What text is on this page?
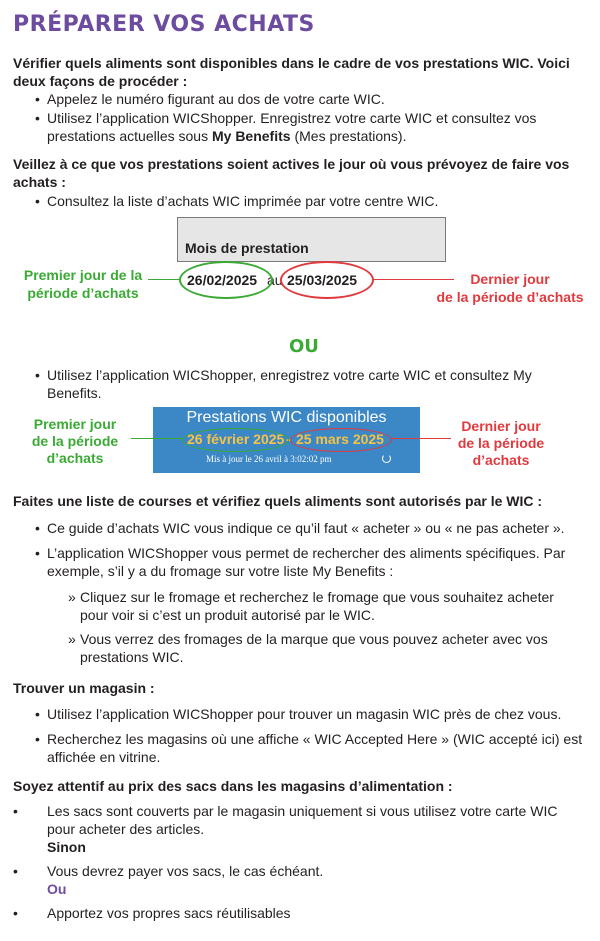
PRÉPARER VOS ACHATS
Vérifier quels aliments sont disponibles dans le cadre de vos prestations WIC. Voici
deux façons de procéder :
• Appelez le numéro figurant au dos de votre carte WIC.
• Utilisez l’application WICShopper. Enregistrez votre carte WIC et consultez vos
prestations actuelles sous My Benefits (Mes prestations).
Veillez à ce que vos prestations soient actives le jour où vous prévoyez de faire vos
achats :
• Consultez la liste d’achats WIC imprimée par votre centre WIC.
Mois de prestation
26/02/2025 au 25/03/2025
Premier jour de la
période d’achats
Dernier jour
de la période d’achats
OU
• Utilisez l’application WICShopper, enregistrez votre carte WIC et consultez My
Benefits.
Prestations WIC disponibles
26 février 2025 - 25 mars 2025
Mis à jour le 26 avril à 3:02:02 pm
Premier jour
de la période
d’achats
Dernier jour
de la période
d’achats
Faites une liste de courses et vérifiez quels aliments sont autorisés par le WIC :
• Ce guide d’achats WIC vous indique ce qu’il faut « acheter » ou « ne pas acheter ».
• L’application WICShopper vous permet de rechercher des aliments spécifiques. Par
exemple, s’il y a du fromage sur votre liste My Benefits :
» Cliquez sur le fromage et recherchez le fromage que vous souhaitez acheter
pour voir si c’est un produit autorisé par le WIC.
» Vous verrez des fromages de la marque que vous pouvez acheter avec vos
prestations WIC.
Trouver un magasin :
• Utilisez l’application WICShopper pour trouver un magasin WIC près de chez vous.
• Recherchez les magasins où une affiche « WIC Accepted Here » (WIC accepté ici) est
affichée en vitrine.
Soyez attentif au prix des sacs dans les magasins d’alimentation :
• Les sacs sont couverts par le magasin uniquement si vous utilisez votre carte WIC
pour acheter des articles.
Sinon
• Vous devrez payer vos sacs, le cas échéant.
Ou
• Apportez vos propres sacs réutilisables
